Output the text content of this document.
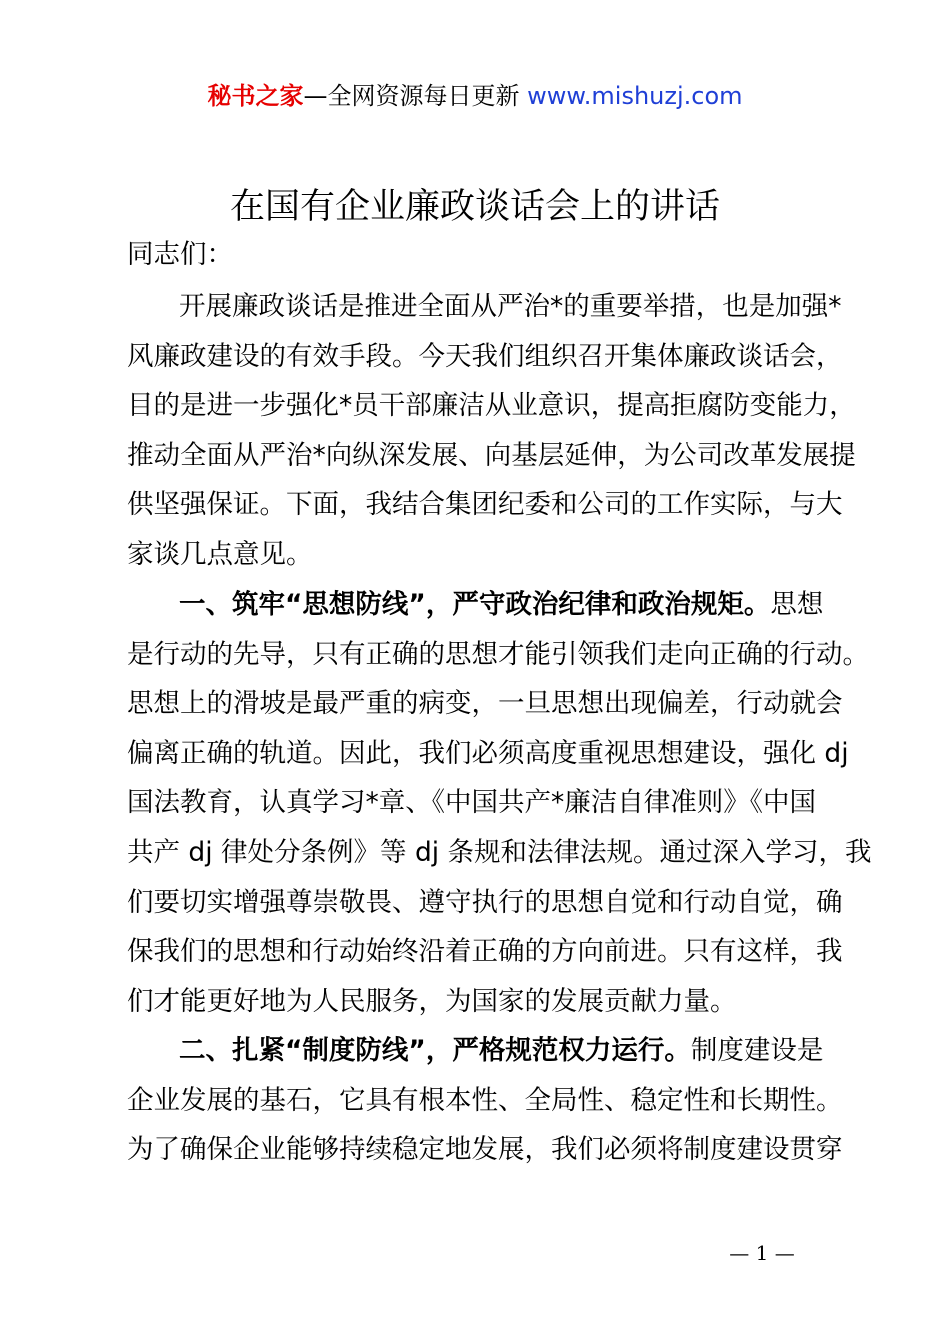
秘书之家—全网资源每日更新 www.mishuzj.com
在国有企业廉政谈话会上的讲话
同志们：
开展廉政谈话是推进全面从严治*的重要举措，也是加强*
风廉政建设的有效手段。今天我们组织召开集体廉政谈话会，
目的是进一步强化*员干部廉洁从业意识，提高拒腐防变能力，
推动全面从严治*向纵深发展、向基层延伸，为公司改革发展提
供坚强保证。下面，我结合集团纪委和公司的工作实际，与大
家谈几点意见。
一、筑牢“思想防线”，严守政治纪律和政治规矩。思想
是行动的先导，只有正确的思想才能引领我们走向正确的行动。
思想上的滑坡是最严重的病变，一旦思想出现偏差，行动就会
偏离正确的轨道。因此，我们必须高度重视思想建设，强化 dj
国法教育，认真学习*章、《中国共产*廉洁自律准则》《中国
共产 dj 律处分条例》等 dj 条规和法律法规。通过深入学习，我
们要切实增强尊崇敬畏、遵守执行的思想自觉和行动自觉，确
保我们的思想和行动始终沿着正确的方向前进。只有这样，我
们才能更好地为人民服务，为国家的发展贡献力量。
二、扎紧“制度防线”，严格规范权力运行。制度建设是
企业发展的基石，它具有根本性、全局性、稳定性和长期性。
为了确保企业能够持续稳定地发展，我们必须将制度建设贯穿
— 1 —
